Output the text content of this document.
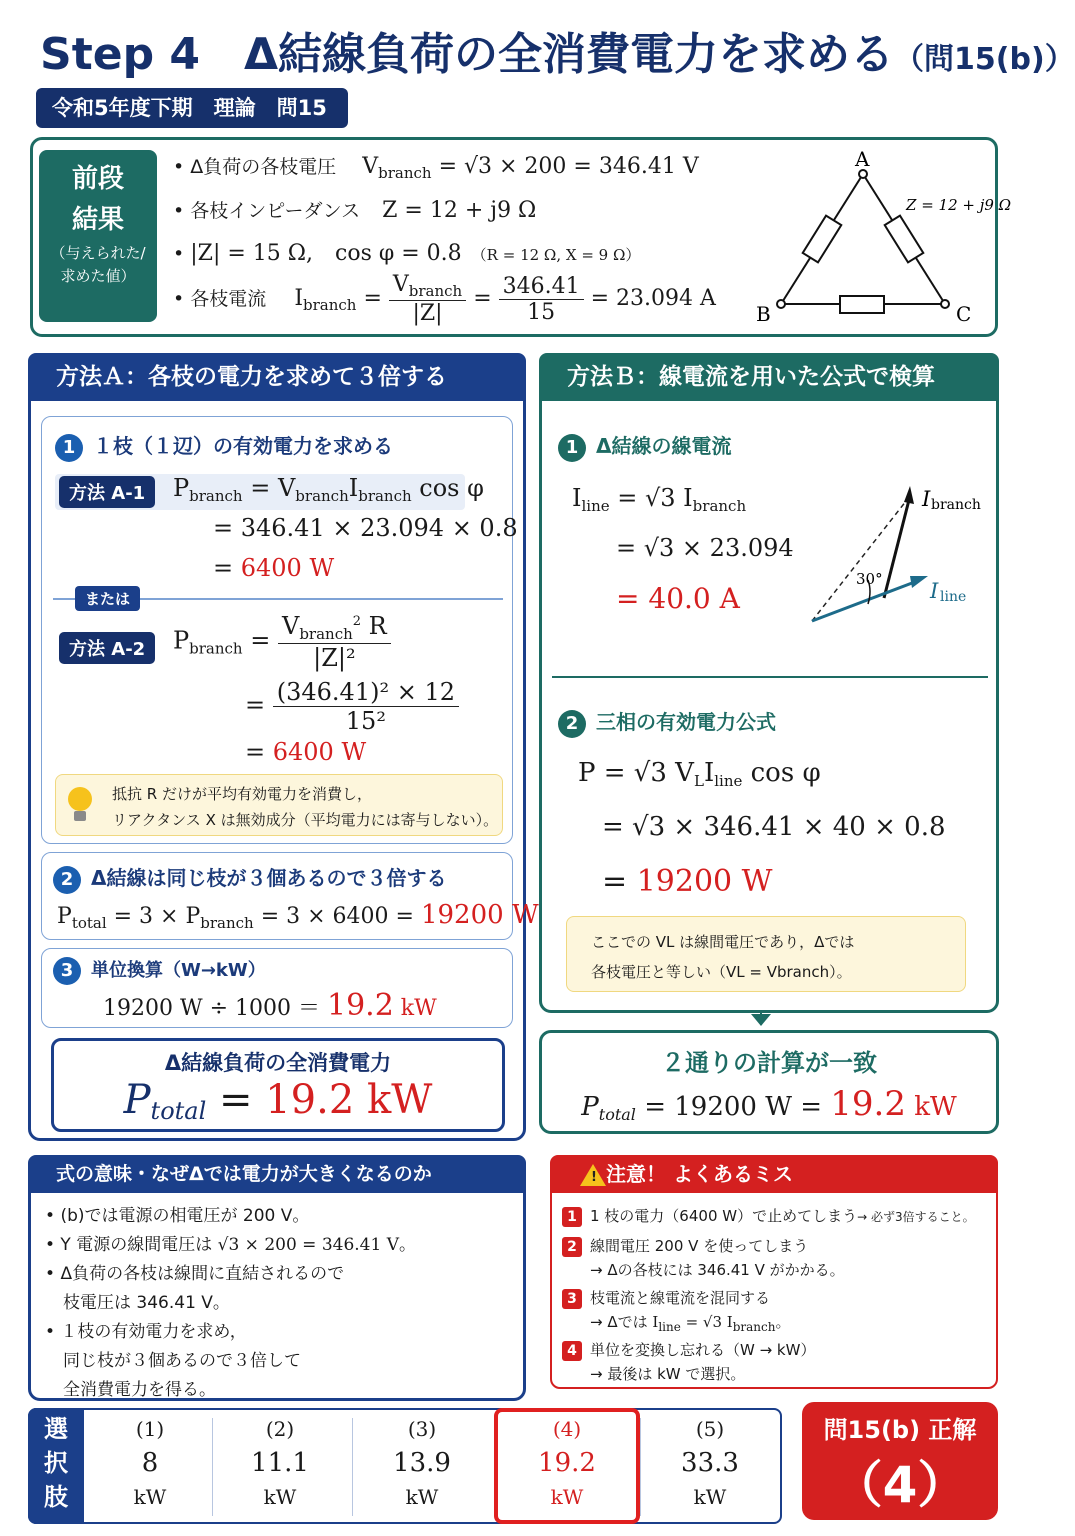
Step 4　Δ結線負荷の全消費電力を求める（問15(b)）
令和5年度下期　理論　問15
前段
結果
（与えられた/
求めた値）
• Δ負荷の各枝電圧 $V_{branch} = √3 \times 200 = 346.41$ V
• 各枝インピーダンス Z = 12 + j9 Ω
• |Z| = 15 Ω,　cos φ = 0.8 （R = 12 Ω, X = 9 Ω）
• 各枝電流 $I_{branch} = \frac{V_{branch}}{|Z|} = \frac{346.41}{15} = 23.094$ A
A
B	C
Z = 12 + j9 Ω
方法Ａ：各枝の電力を求めて３倍する
1 １枝（１辺）の有効電力を求める
方法 A-1	$P_{branch} = V_{branch}I_{branch}$ cos φ
= 346.41 × 23.094 × 0.8
= 6400 W
または
方法 A-2	$P_{branch} = \frac{V_{branch}^2 R}{\text{|Z|²}}$
= $\frac{\text{(346.41)² × 12}}{\text{15²}}$
= 6400 W
抵抗 R だけが平均有効電力を消費し，
リアクタンス X は無効成分（平均電力には寄与しない）。
2 Δ結線は同じ枝が３個あるので３倍する
$P_{total} = 3 \times P_{branch} = 3 \times 6400 = 19200$ W
3 単位換算（W→kW）
19200 W ÷ 1000 ＝ 19.2 kW
Δ結線負荷の全消費電力
Ptotal = 19.2 kW
方法Ｂ：線電流を用いた公式で検算
1 Δ結線の線電流
$I_{line} = √3$ $I_{branch}$
= √3 × 23.094
= 40.0 A
30°
I branch
I line
2 三相の有効電力公式
P = √3 $V_LI_{line}$ cos φ
= √3 × 346.41 × 40 × 0.8
= 19200 W
ここでの VL は線間電圧であり，Δでは
各枝電圧と等しい（VL = Vbranch）。
２通りの計算が一致
Ptotal = 19200 W = 19.2 kW
式の意味・なぜΔでは電力が大きくなるのか
• (b)では電源の相電圧が 200 V。
• Y 電源の線間電圧は √3 × 200 = 346.41 V。
• Δ負荷の各枝は線間に直結されるので
枝電圧は 346.41 V。
• １枝の有効電力を求め，
同じ枝が３個あるので３倍して
全消費電力を得る。
注意！ よくあるミス
!
1 1 枝の電力（6400 W）で止めてしまう→ 必ず3倍すること。
2 線間電圧 200 V を使ってしまう
→ Δの各枝には 346.41 V がかかる。
3 枝電流と線電流を混同する
→ Δでは $I_{line} = √3$ $I_{branch}$。
4 単位を変換し忘れる（W → kW）
→ 最後は kW で選択。
選
択
肢
(1)
8
kW
(2)
11.1
kW
(3)
13.9
kW
(4)
19.2
kW
(5)
33.3
kW
問15(b) 正解
（4）
